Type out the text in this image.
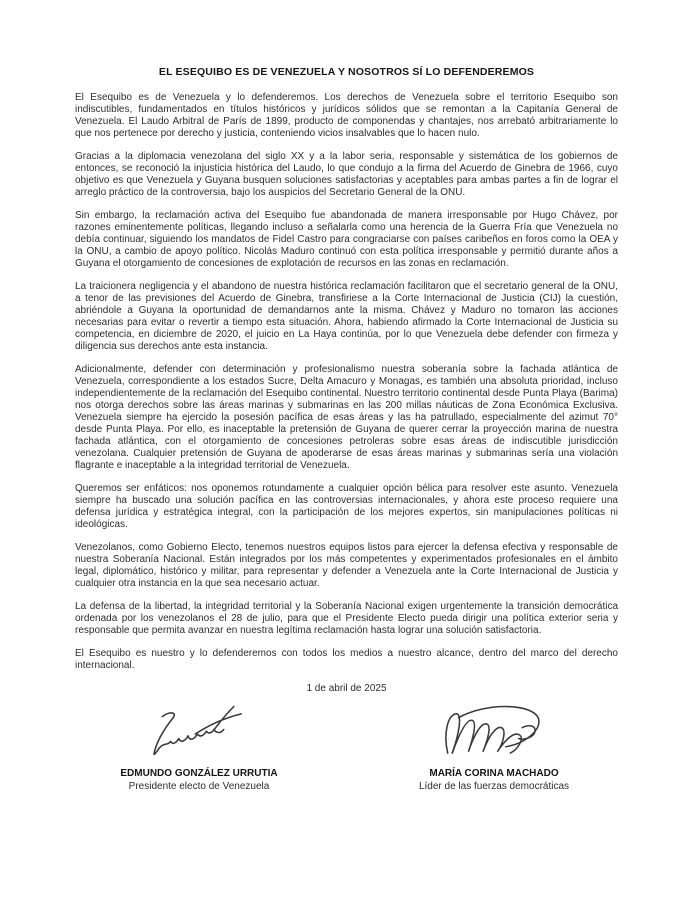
EL ESEQUIBO ES DE VENEZUELA Y NOSOTROS SÍ LO DEFENDEREMOS

El Esequibo es de Venezuela y lo defenderemos. Los derechos de Venezuela sobre el territorio Esequibo son indiscutibles, fundamentados en títulos históricos y jurídicos sólidos que se remontan a la Capitanía General de Venezuela. El Laudo Arbitral de París de 1899, producto de componendas y chantajes, nos arrebató arbitrariamente lo que nos pertenece por derecho y justicia, conteniendo vicios insalvables que lo hacen nulo.

Gracias a la diplomacia venezolana del siglo XX y a la labor seria, responsable y sistemática de los gobiernos de entonces, se reconoció la injusticia histórica del Laudo, lo que condujo a la firma del Acuerdo de Ginebra de 1966, cuyo objetivo es que Venezuela y Guyana busquen soluciones satisfactorias y aceptables para ambas partes a fin de lograr el arreglo práctico de la controversia, bajo los auspicios del Secretario General de la ONU.

Sin embargo, la reclamación activa del Esequibo fue abandonada de manera irresponsable por Hugo Chávez, por razones eminentemente políticas, llegando incluso a señalarla como una herencia de la Guerra Fría que Venezuela no debía continuar, siguiendo los mandatos de Fidel Castro para congraciarse con países caribeños en foros como la OEA y la ONU, a cambio de apoyo político. Nicolás Maduro continuó con esta política irresponsable y permitió durante años a Guyana el otorgamiento de concesiones de explotación de recursos en las zonas en reclamación.

La traicionera negligencia y el abandono de nuestra histórica reclamación facilitaron que el secretario general de la ONU, a tenor de las previsiones del Acuerdo de Ginebra, transfiriese a la Corte Internacional de Justicia (CIJ) la cuestión, abriéndole a Guyana la oportunidad de demandarnos ante la misma. Chávez y Maduro no tomaron las acciones necesarias para evitar o revertir a tiempo esta situación. Ahora, habiendo afirmado la Corte Internacional de Justicia su competencia, en diciembre de 2020, el juicio en La Haya continúa, por lo que Venezuela debe defender con firmeza y diligencia sus derechos ante esta instancia.

Adicionalmente, defender con determinación y profesionalismo nuestra soberanía sobre la fachada atlántica de Venezuela, correspondiente a los estados Sucre, Delta Amacuro y Monagas, es también una absoluta prioridad, incluso independientemente de la reclamación del Esequibo continental. Nuestro territorio continental desde Punta Playa (Barima) nos otorga derechos sobre las áreas marinas y submarinas en las 200 millas náuticas de Zona Económica Exclusiva. Venezuela siempre ha ejercido la posesión pacífica de esas áreas y las ha patrullado, especialmente del azimut 70° desde Punta Playa. Por ello, es inaceptable la pretensión de Guyana de querer cerrar la proyección marina de nuestra fachada atlántica, con el otorgamiento de concesiones petroleras sobre esas áreas de indiscutible jurisdicción venezolana. Cualquier pretensión de Guyana de apoderarse de esas áreas marinas y submarinas sería una violación flagrante e inaceptable a la integridad territorial de Venezuela.

Queremos ser enfáticos: nos oponemos rotundamente a cualquier opción bélica para resolver este asunto. Venezuela siempre ha buscado una solución pacífica en las controversias internacionales, y ahora este proceso requiere una defensa jurídica y estratégica integral, con la participación de los mejores expertos, sin manipulaciones políticas ni ideológicas.

Venezolanos, como Gobierno Electo, tenemos nuestros equipos listos para ejercer la defensa efectiva y responsable de nuestra Soberanía Nacional. Están integrados por los más competentes y experimentados profesionales en el ámbito legal, diplomático, histórico y militar, para representar y defender a Venezuela ante la Corte Internacional de Justicia y cualquier otra instancia en la que sea necesario actuar.

La defensa de la libertad, la integridad territorial y la Soberanía Nacional exigen urgentemente la transición democrática ordenada por los venezolanos el 28 de julio, para que el Presidente Electo pueda dirigir una política exterior seria y responsable que permita avanzar en nuestra legítima reclamación hasta lograr una solución satisfactoria.

El Esequibo es nuestro y lo defenderemos con todos los medios a nuestro alcance, dentro del marco del derecho internacional.

1 de abril de 2025
EDMUNDO GONZÁLEZ URRUTIA
Presidente electo de Venezuela
MARÍA CORINA MACHADO
Líder de las fuerzas democráticas
